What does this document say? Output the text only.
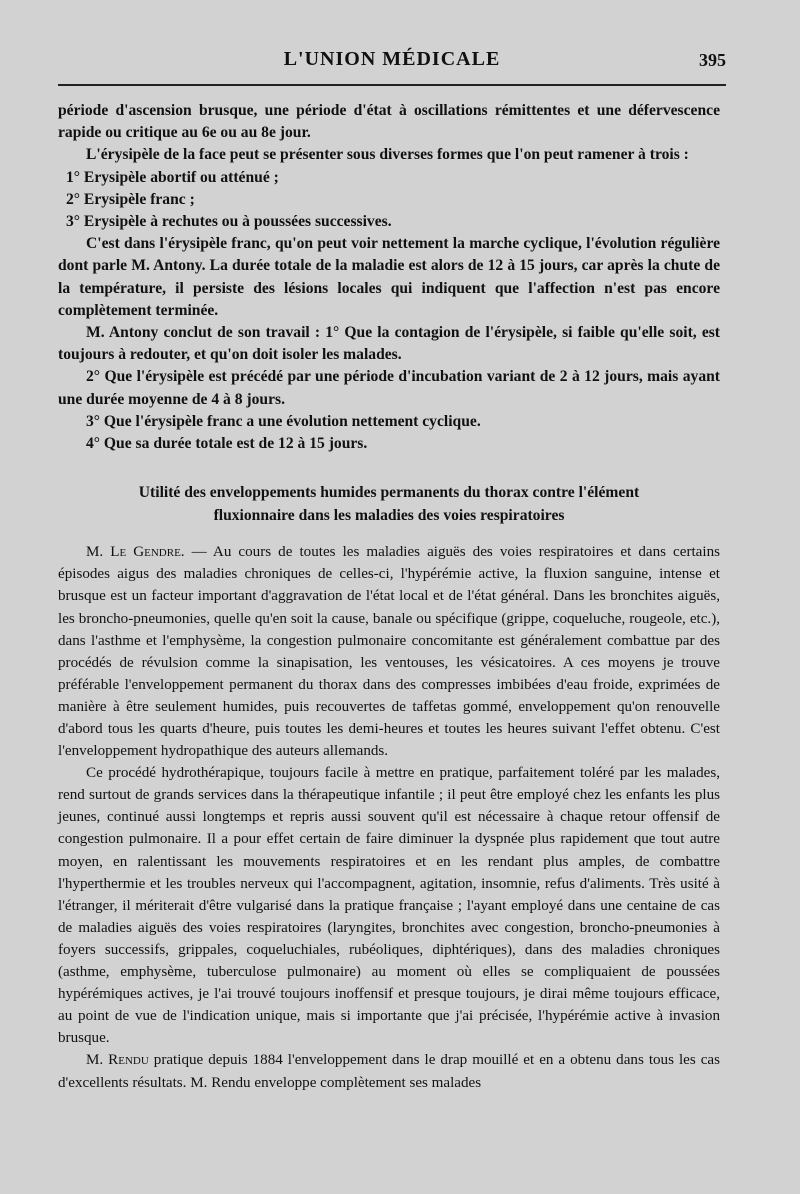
L'UNION MÉDICALE	395

période d'ascension brusque, une période d'état à oscillations rémittentes et une défervescence rapide ou critique au 6e ou au 8e jour.

L'érysipèle de la face peut se présenter sous diverses formes que l'on peut ramener à trois :

1° Erysipèle abortif ou atténué ;

2° Erysipèle franc ;

3° Erysipèle à rechutes ou à poussées successives.

C'est dans l'érysipèle franc, qu'on peut voir nettement la marche cyclique, l'évolution régulière dont parle M. Antony. La durée totale de la maladie est alors de 12 à 15 jours, car après la chute de la température, il persiste des lésions locales qui indiquent que l'affection n'est pas encore complètement terminée.

M. Antony conclut de son travail : 1° Que la contagion de l'érysipèle, si faible qu'elle soit, est toujours à redouter, et qu'on doit isoler les malades.

2° Que l'érysipèle est précédé par une période d'incubation variant de 2 à 12 jours, mais ayant une durée moyenne de 4 à 8 jours.

3° Que l'érysipèle franc a une évolution nettement cyclique.

4° Que sa durée totale est de 12 à 15 jours.

Utilité des enveloppements humides permanents du thorax contre l'élément
fluxionnaire dans les maladies des voies respiratoires

M. Le Gendre. — Au cours de toutes les maladies aiguës des voies respiratoires et dans certains épisodes aigus des maladies chroniques de celles-ci, l'hypérémie active, la fluxion sanguine, intense et brusque est un facteur important d'aggravation de l'état local et de l'état général. Dans les bronchites aiguës, les broncho-pneumonies, quelle qu'en soit la cause, banale ou spécifique (grippe, coqueluche, rougeole, etc.), dans l'asthme et l'emphysème, la congestion pulmonaire concomitante est généralement combattue par des procédés de révulsion comme la sinapisation, les ventouses, les vésicatoires. A ces moyens je trouve préférable l'enveloppement permanent du thorax dans des compresses imbibées d'eau froide, exprimées de manière à être seulement humides, puis recouvertes de taffetas gommé, enveloppement qu'on renouvelle d'abord tous les quarts d'heure, puis toutes les demi-heures et toutes les heures suivant l'effet obtenu. C'est l'enveloppement hydropathique des auteurs allemands.

Ce procédé hydrothérapique, toujours facile à mettre en pratique, parfaitement toléré par les malades, rend surtout de grands services dans la thérapeutique infantile ; il peut être employé chez les enfants les plus jeunes, continué aussi longtemps et repris aussi souvent qu'il est nécessaire à chaque retour offensif de congestion pulmonaire. Il a pour effet certain de faire diminuer la dyspnée plus rapidement que tout autre moyen, en ralentissant les mouvements respiratoires et en les rendant plus amples, de combattre l'hyperthermie et les troubles nerveux qui l'accompagnent, agitation, insomnie, refus d'aliments. Très usité à l'étranger, il mériterait d'être vulgarisé dans la pratique française ; l'ayant employé dans une centaine de cas de maladies aiguës des voies respiratoires (laryngites, bronchites avec congestion, broncho-pneumonies à foyers successifs, grippales, coqueluchiales, rubéoliques, diphtériques), dans des maladies chroniques (asthme, emphysème, tuberculose pulmonaire) au moment où elles se compliquaient de poussées hypérémiques actives, je l'ai trouvé toujours inoffensif et presque toujours, je dirai même toujours efficace, au point de vue de l'indication unique, mais si importante que j'ai précisée, l'hypérémie active à invasion brusque.

M. Rendu pratique depuis 1884 l'enveloppement dans le drap mouillé et en a obtenu dans tous les cas d'excellents résultats. M. Rendu enveloppe complètement ses malades
